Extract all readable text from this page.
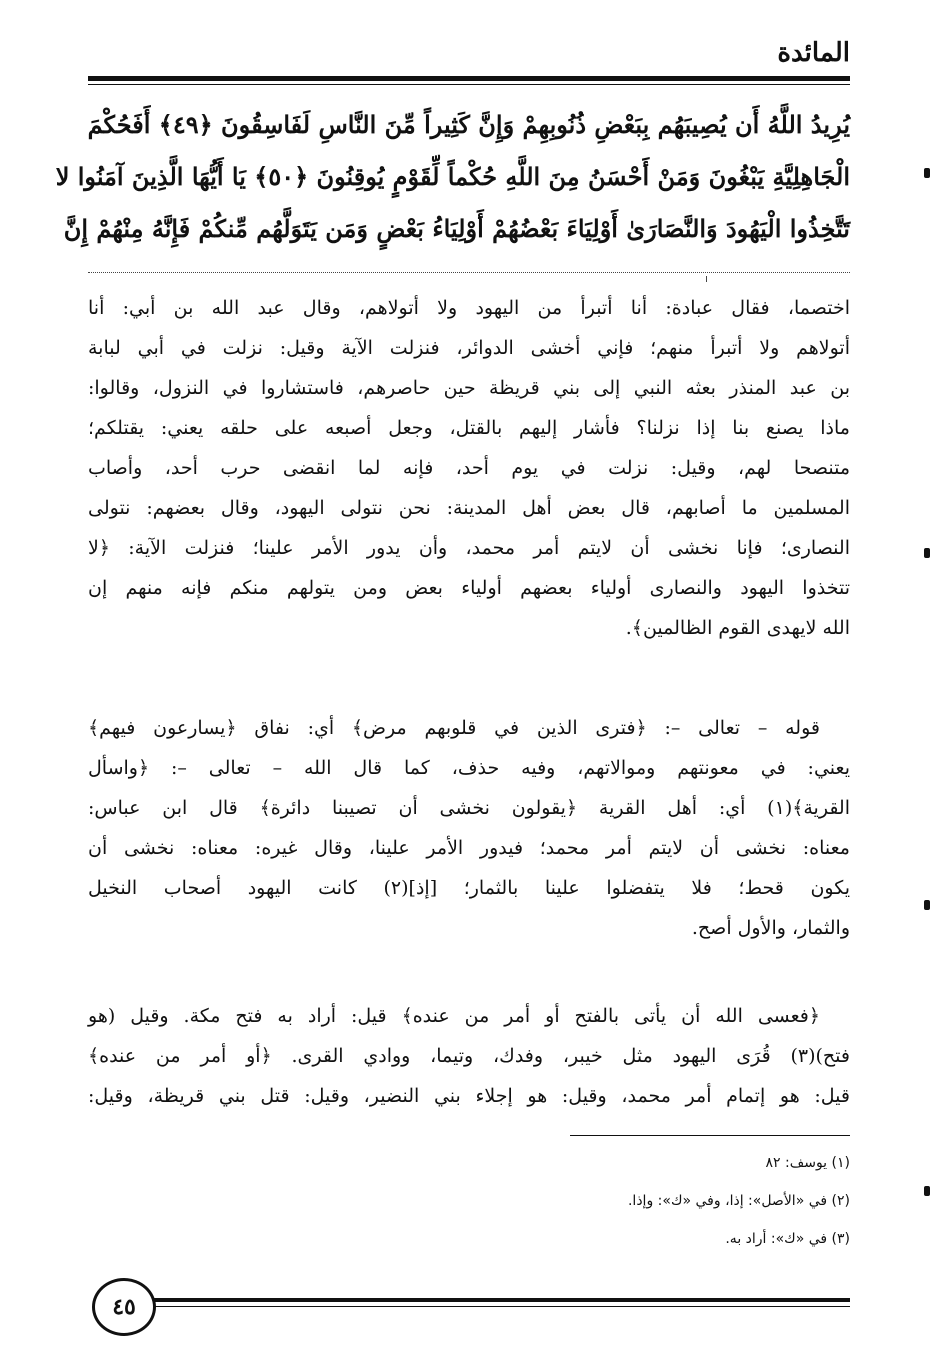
المائدة
يُرِيدُ اللَّهُ أَن يُصِيبَهُم بِبَعْضِ ذُنُوبِهِمْ وَإِنَّ كَثِيراً مِّنَ النَّاسِ لَفَاسِقُونَ ﴿٤٩﴾ أَفَحُكْمَ
الْجَاهِلِيَّةِ يَبْغُونَ وَمَنْ أَحْسَنُ مِنَ اللَّهِ حُكْماً لِّقَوْمٍ يُوقِنُونَ ﴿٥٠﴾ يَا أَيُّهَا الَّذِينَ آمَنُوا لا
تَتَّخِذُوا الْيَهُودَ وَالنَّصَارَىٰ أَوْلِيَاءَ بَعْضُهُمْ أَوْلِيَاءُ بَعْضٍ وَمَن يَتَوَلَّهُم مِّنكُمْ فَإِنَّهُ مِنْهُمْ إِنَّ
اختصما، فقال عبادة: أنا أتبرأ من اليهود ولا أتولاهم، وقال عبد الله بن أبي: أنا
أتولاهم ولا أتبرأ منهم؛ فإني أخشى الدوائر، فنزلت الآية وقيل: نزلت في أبي لبابة
بن عبد المنذر بعثه النبي إلى بني قريظة حين حاصرهم، فاستشاروا في النزول، وقالوا:
ماذا يصنع بنا إذا نزلنا؟ فأشار إليهم بالقتل، وجعل أصبعه على حلقه يعني: يقتلكم؛
متنصحا لهم، وقيل: نزلت في يوم أحد، فإنه لما انقضى حرب أحد، وأصاب
المسلمين ما أصابهم، قال بعض أهل المدينة: نحن نتولى اليهود، وقال بعضهم: نتولى
النصارى؛ فإنا نخشى أن لايتم أمر محمد، وأن يدور الأمر علينا؛ فنزلت الآية: ﴿لا
تتخذوا اليهود والنصارى أولياء بعضهم أولياء بعض ومن يتولهم منكم فإنه منهم إن
الله لايهدى القوم الظالمين﴾.
قوله – تعالى –: ﴿فترى الذين في قلوبهم مرض﴾ أي: نفاق ﴿يسارعون فيهم﴾
يعني: في معونتهم وموالاتهم، وفيه حذف، كما قال الله – تعالى –: ﴿واسأل
القرية﴾(١) أي: أهل القرية ﴿يقولون نخشى أن تصيبنا دائرة﴾ قال ابن عباس:
معناه: نخشى أن لايتم أمر محمد؛ فيدور الأمر علينا، وقال غيره: معناه: نخشى أن
يكون قحط؛ فلا يتفضلوا علينا بالثمار؛ [إذ](٢) كانت اليهود أصحاب النخيل
والثمار، والأول أصح.
﴿فعسى الله أن يأتى بالفتح أو أمر من عنده﴾ قيل: أراد به فتح مكة. وقيل (هو
فتح)(٣) قُرَى اليهود مثل خيبر، وفدك، وتيما، ووادي القرى. ﴿أو أمر من عنده﴾
قيل: هو إتمام أمر محمد، وقيل: هو إجلاء بني النضير، وقيل: قتل بني قريظة، وقيل:
(١) يوسف: ٨٢
(٢) في «الأصل»: إذا، وفي «ك»: وإذا.
(٣) في «ك»: أراد به.
٤٥
